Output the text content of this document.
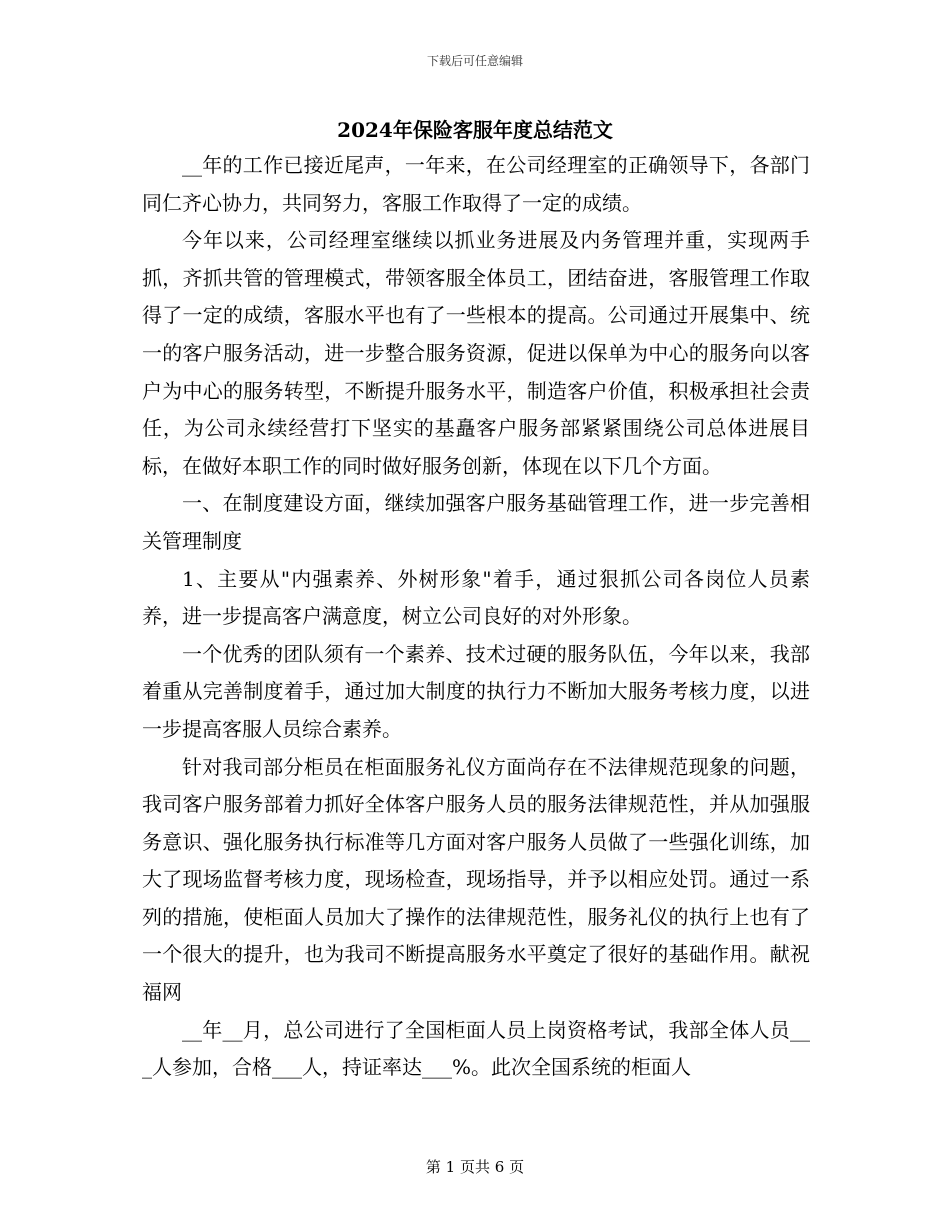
下载后可任意编辑
2024年保险客服年度总结范文

__年的工作已接近尾声，一年来，在公司经理室的正确领导下，各部门同仁齐心协力，共同努力，客服工作取得了一定的成绩。

今年以来，公司经理室继续以抓业务进展及内务管理并重，实现两手抓，齐抓共管的管理模式，带领客服全体员工，团结奋进，客服管理工作取得了一定的成绩，客服水平也有了一些根本的提高。公司通过开展集中、统一的客户服务活动，进一步整合服务资源，促进以保单为中心的服务向以客户为中心的服务转型，不断提升服务水平，制造客户价值，积极承担社会责任，为公司永续经营打下坚实的基矗客户服务部紧紧围绕公司总体进展目标，在做好本职工作的同时做好服务创新，体现在以下几个方面。

一、在制度建设方面，继续加强客户服务基础管理工作，进一步完善相关管理制度

1、主要从"内强素养、外树形象"着手，通过狠抓公司各岗位人员素养，进一步提高客户满意度，树立公司良好的对外形象。

一个优秀的团队须有一个素养、技术过硬的服务队伍，今年以来，我部着重从完善制度着手，通过加大制度的执行力不断加大服务考核力度，以进一步提高客服人员综合素养。

针对我司部分柜员在柜面服务礼仪方面尚存在不法律规范现象的问题，我司客户服务部着力抓好全体客户服务人员的服务法律规范性，并从加强服务意识、强化服务执行标准等几方面对客户服务人员做了一些强化训练，加大了现场监督考核力度，现场检查，现场指导，并予以相应处罚。通过一系列的措施，使柜面人员加大了操作的法律规范性，服务礼仪的执行上也有了一个很大的提升，也为我司不断提高服务水平奠定了很好的基础作用。献祝福网

__年__月，总公司进行了全国柜面人员上岗资格考试，我部全体人员___人参加，合格___人，持证率达___%。此次全国系统的柜面人

第 1 页共 6 页
